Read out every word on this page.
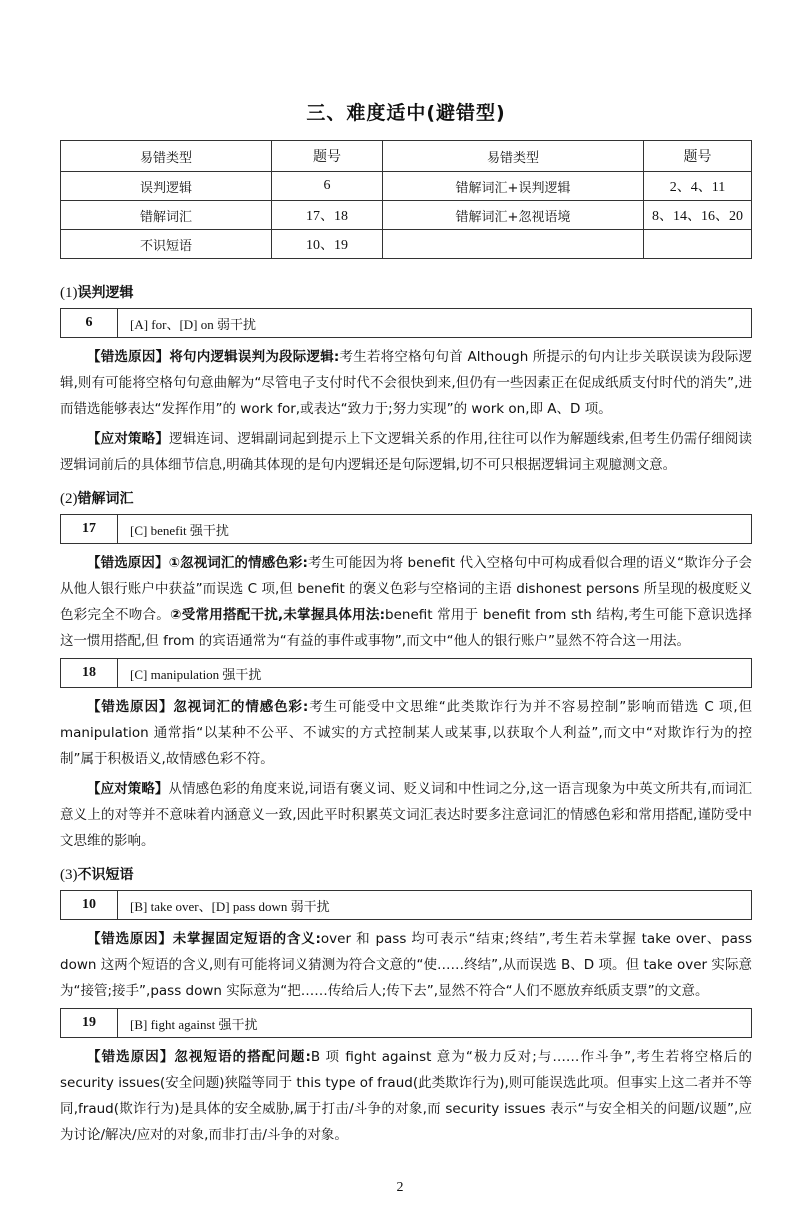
三、难度适中(避错型)
易错类型	题号	易错类型	题号
误判逻辑	6	错解词汇+误判逻辑	2、4、11
错解词汇	17、18	错解词汇+忽视语境	8、14、16、20
不识短语	10、19		
(1)误判逻辑
6	[A] for、[D] on 弱干扰

【错选原因】将句内逻辑误判为段际逻辑:考生若将空格句句首 Although 所提示的句内让步关联误读为段际逻辑,则有可能将空格句句意曲解为“尽管电子支付时代不会很快到来,但仍有一些因素正在促成纸质支付时代的消失”,进而错选能够表达“发挥作用”的 work for,或表达“致力于;努力实现”的 work on,即 A、D 项。

【应对策略】逻辑连词、逻辑副词起到提示上下文逻辑关系的作用,往往可以作为解题线索,但考生仍需仔细阅读逻辑词前后的具体细节信息,明确其体现的是句内逻辑还是句际逻辑,切不可只根据逻辑词主观臆测文意。

(2)错解词汇
17	[C] benefit 强干扰

【错选原因】①忽视词汇的情感色彩:考生可能因为将 benefit 代入空格句中可构成看似合理的语义“欺诈分子会从他人银行账户中获益”而误选 C 项,但 benefit 的褒义色彩与空格词的主语 dishonest persons 所呈现的极度贬义色彩完全不吻合。②受常用搭配干扰,未掌握具体用法:benefit 常用于 benefit from sth 结构,考生可能下意识选择这一惯用搭配,但 from 的宾语通常为“有益的事件或事物”,而文中“他人的银行账户”显然不符合这一用法。

18	[C] manipulation 强干扰

【错选原因】忽视词汇的情感色彩:考生可能受中文思维“此类欺诈行为并不容易控制”影响而错选 C 项,但 manipulation 通常指“以某种不公平、不诚实的方式控制某人或某事,以获取个人利益”,而文中“对欺诈行为的控制”属于积极语义,故情感色彩不符。

【应对策略】从情感色彩的角度来说,词语有褒义词、贬义词和中性词之分,这一语言现象为中英文所共有,而词汇意义上的对等并不意味着内涵意义一致,因此平时积累英文词汇表达时要多注意词汇的情感色彩和常用搭配,谨防受中文思维的影响。

(3)不识短语
10	[B] take over、[D] pass down 弱干扰

【错选原因】未掌握固定短语的含义:over 和 pass 均可表示“结束;终结”,考生若未掌握 take over、pass down 这两个短语的含义,则有可能将词义猜测为符合文意的“使……终结”,从而误选 B、D 项。但 take over 实际意为“接管;接手”,pass down 实际意为“把……传给后人;传下去”,显然不符合“人们不愿放弃纸质支票”的文意。

19	[B] fight against 强干扰

【错选原因】忽视短语的搭配问题:B 项 fight against 意为“极力反对;与……作斗争”,考生若将空格后的 security issues(安全问题)狭隘等同于 this type of fraud(此类欺诈行为),则可能误选此项。但事实上这二者并不等同,fraud(欺诈行为)是具体的安全威胁,属于打击/斗争的对象,而 security issues 表示“与安全相关的问题/议题”,应为讨论/解决/应对的对象,而非打击/斗争的对象。

2
